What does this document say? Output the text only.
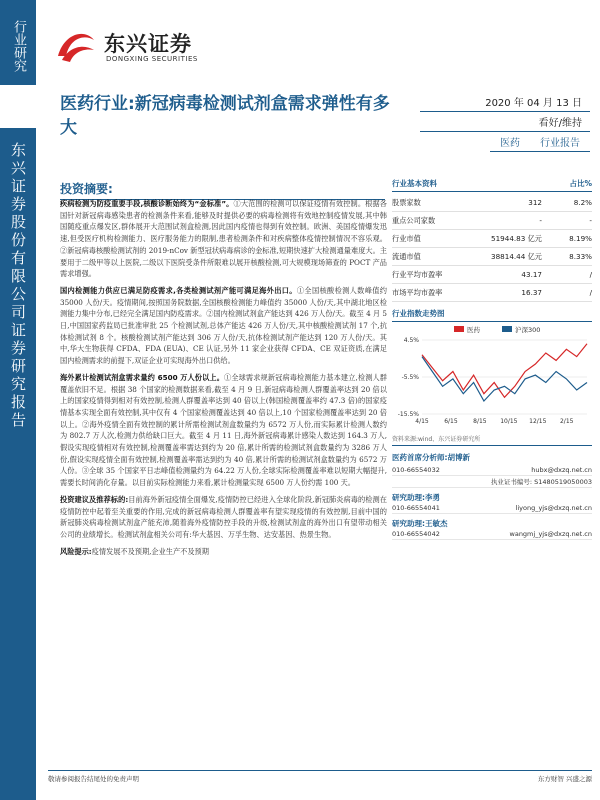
行业研究
东兴证券股份有限公司证券研究报告
东兴证券
DONGXING SECURITIES
医药行业:新冠病毒检测试剂盒需求弹性有多大
2020 年 04 月 13 日
看好/维持
医药	行业报告
投资摘要:

疾病检测为防疫重要手段,核酸诊断始终为“金标准”。①大范围的检测可以保证疫情有效控制。根据各国针对新冠病毒感染患者的检测条件来看,能够及时提供必要的病毒检测将有效地控制疫情发展,其中韩国随疫重点爆发区,群体展开大范围试剂盒检测,因此国内疫情也得到有效控制。欧洲、美国疫情爆发迅速,但受医疗机构检测能力、医疗服务能力的限制,患者检测条件和对疾病整体疫情控制情况不容乐观。②新冠病毒核酸检测试剂的 2019-nCov 新型冠状病毒病诊的金标准,短期快速扩大检测通量难度大。主要用于二级甲等以上医院,二级以下医院受条件所限难以展开核酸检测,可大规模现场筛查的 POCT 产品需求增强。

国内检测能力供应已满足防疫需求,各类检测试剂产能可满足海外出口。①全国核酸检测人数峰值约 35000 人份/天。疫情期间,按照国务院数据,全国核酸检测能力峰值约 35000 人份/天,其中湖北地区检测能力集中分布,已经完全满足国内防疫需求。②国内检测试剂盒产能达到 426 万人份/天。截至 4 月 5 日,中国国家药监局已批准审批 25 个检测试剂,总体产能达 426 万人份/天,其中核酸检测试剂 17 个,抗体检测试剂 8 个。核酸检测试剂产能达到 306 万人份/天,抗体检测试剂产能达到 120 万人份/天。其中,华大生物获得 CFDA、FDA (EUA)、CE 认证,另外 11 家企业获得 CFDA、CE 双证资质,在满足国内检测需求的前提下,双证企业可实现海外出口供给。

海外累计检测试剂盒需求量约 6500 万人份以上。①全球需求规新冠病毒检测能力基本建立,检测人群覆盖依旧不足。根据 38 个国家的检测数据来看,截至 4 月 9 日,新冠病毒检测人群覆盖率达到 20 倍以上的国家疫情得到相对有效控制,检测人群覆盖率达到 40 倍以上(韩国检测覆盖率约 47.3 倍)的国家疫情基本实现全面有效控制,其中仅有 4 个国家检测覆盖达到 40 倍以上,10 个国家检测覆盖率达到 20 倍以上。②海外疫情全面有效控制的累计所需检测试剂盒数量约为 6572 万人份,而实际累计检测人数约为 802.7 万人次,检测力供给缺口巨大。截至 4 月 11 日,海外新冠病毒累计感染人数达到 164.3 万人,假设实现疫情相对有效控制,检测覆盖率需达到约为 20 倍,累计所需的检测试剂盒数量约为 3286 万人份,假设实现疫情全面有效控制,检测覆盖率需达到约为 40 倍,累计所需的检测试剂盒数量约为 6572 万人份。③全球 35 个国家平日志峰值检测量约为 64.22 万人份,全球实际检测覆盖率难以短期大幅提升,需要长时间消化存量。以目前实际检测能力来看,累计检测量实现 6500 万人份约需 100 天。

投资建议及推荐标的:目前海外新冠疫情全面爆发,疫情防控已经进入全球化阶段,新冠肺炎病毒的检测在疫情防控中起着至关重要的作用,完成的新冠病毒检测人群覆盖率有望实现疫情的有效控制,目前中国的新冠肺炎病毒检测试剂盒产能充沛,随着海外疫情防控手段的升级,检测试剂盒的海外出口有望带动相关公司的业绩增长。检测试剂盒相关公司有:华大基因、万孚生物、达安基因、热景生物。

风险提示:疫情发展不及预期,企业生产不及预期

行业基本资料	占比%
股票家数	312	8.2%
重点公司家数	-	-
行业市值	51944.83 亿元	8.19%
流通市值	38814.44 亿元	8.33%
行业平均市盈率	43.17	/
市场平均市盈率	16.37	/
行业指数走势图
4.5%
-5.5%
-15.5%
4/15	6/15	8/15 10/15 12/15 2/15
医药	沪深300
资料来源:wind、东兴证券研究所
医药首席分析师:胡博新
010-66554032	hubx@dxzq.net.cn
执业证书编号: S1480519050003
研究助理:李勇
010-66554041	liyong_yjs@dxzq.net.cn
研究助理:王敏杰
010-66554042	wangmj_yjs@dxzq.net.cn
敬请参阅报告结尾处的免责声明	东方财智 兴盛之源
